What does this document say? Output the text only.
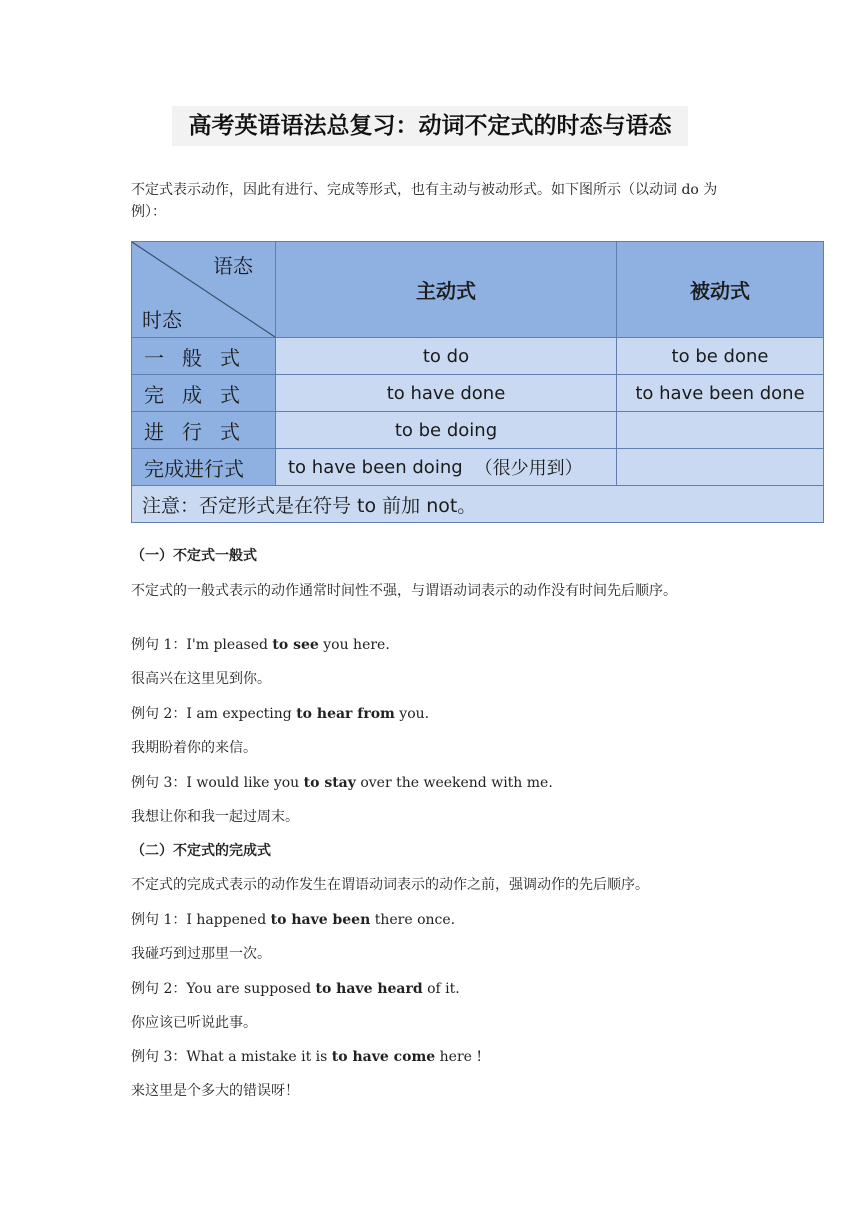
高考英语语法总复习：动词不定式的时态与语态
不定式表示动作，因此有进行、完成等形式，也有主动与被动形式。如下图所示（以动词 do 为例）：
语态
时态
主动式	被动式
一般式	to do	to be done
完成式	to have done	to have been done
进行式	to be doing
完成进行式	to have been doing （很少用到）
注意：否定形式是在符号 to 前加 not。
（一）不定式一般式
不定式的一般式表示的动作通常时间性不强，与谓语动词表示的动作没有时间先后顺序。
例句 1：I'm pleased to see you here.
很高兴在这里见到你。
例句 2：I am expecting to hear from you.
我期盼着你的来信。
例句 3：I would like you to stay over the weekend with me.
我想让你和我一起过周末。
（二）不定式的完成式
不定式的完成式表示的动作发生在谓语动词表示的动作之前，强调动作的先后顺序。
例句 1：I happened to have been there once.
我碰巧到过那里一次。
例句 2：You are supposed to have heard of it.
你应该已听说此事。
例句 3：What a mistake it is to have come here !
来这里是个多大的错误呀！
